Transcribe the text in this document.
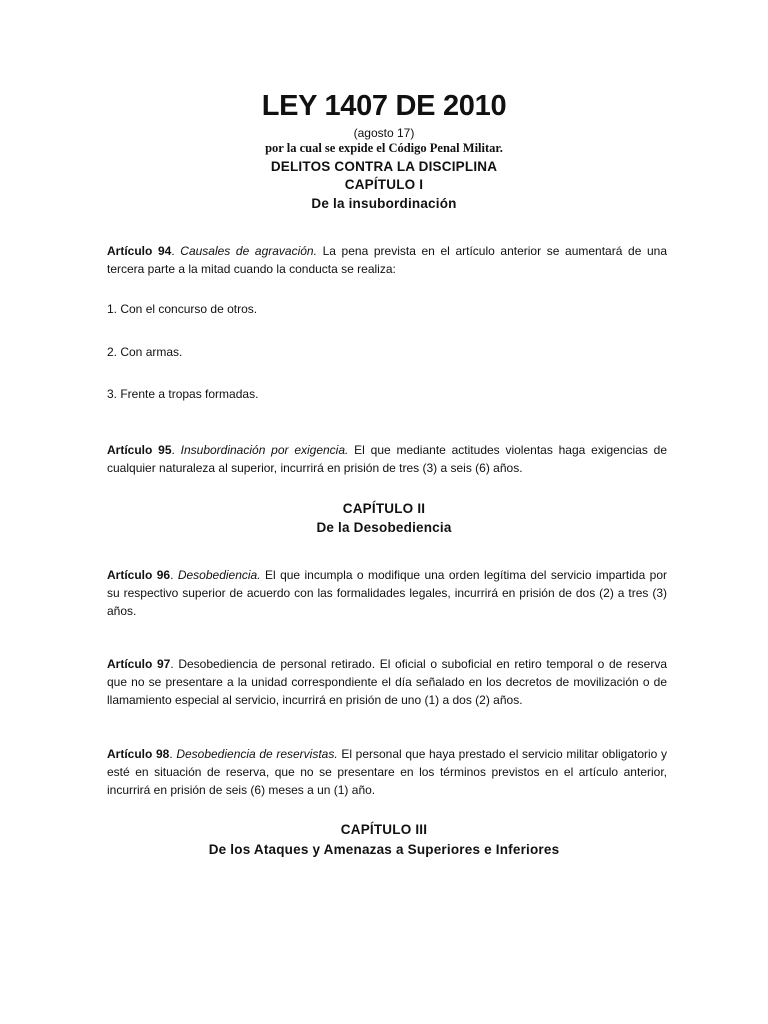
LEY 1407 DE 2010
(agosto 17)
por la cual se expide el Código Penal Militar.
DELITOS CONTRA LA DISCIPLINA
CAPÍTULO I
De la insubordinación
Artículo 94. Causales de agravación. La pena prevista en el artículo anterior se aumentará de una tercera parte a la mitad cuando la conducta se realiza:
1. Con el concurso de otros.
2. Con armas.
3. Frente a tropas formadas.
Artículo 95. Insubordinación por exigencia. El que mediante actitudes violentas haga exigencias de cualquier naturaleza al superior, incurrirá en prisión de tres (3) a seis (6) años.
CAPÍTULO II
De la Desobediencia
Artículo 96. Desobediencia. El que incumpla o modifique una orden legítima del servicio impartida por su respectivo superior de acuerdo con las formalidades legales, incurrirá en prisión de dos (2) a tres (3) años.
Artículo 97. Desobediencia de personal retirado. El oficial o suboficial en retiro temporal o de reserva que no se presentare a la unidad correspondiente el día señalado en los decretos de movilización o de llamamiento especial al servicio, incurrirá en prisión de uno (1) a dos (2) años.
Artículo 98. Desobediencia de reservistas. El personal que haya prestado el servicio militar obligatorio y esté en situación de reserva, que no se presentare en los términos previstos en el artículo anterior, incurrirá en prisión de seis (6) meses a un (1) año.
CAPÍTULO III
De los Ataques y Amenazas a Superiores e Inferiores
